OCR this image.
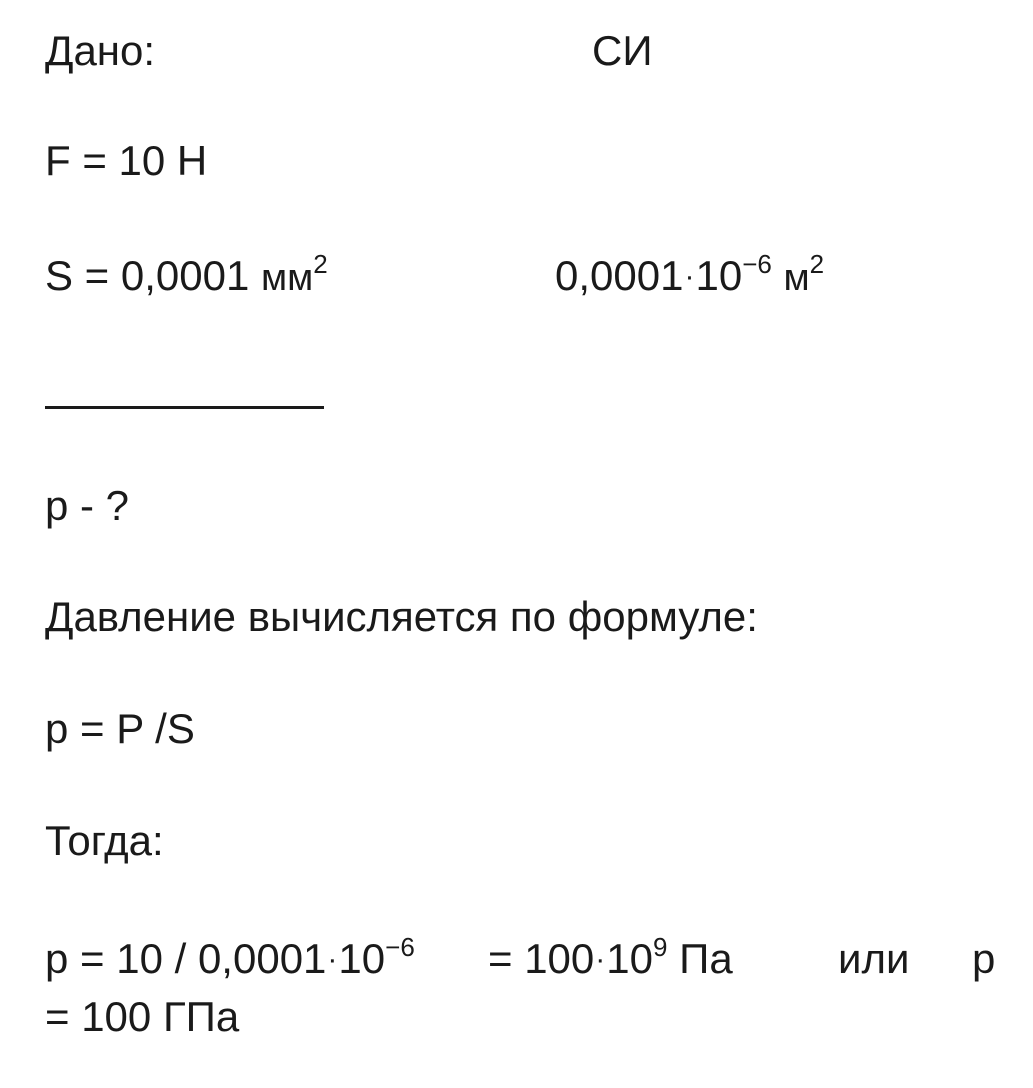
Дано:	СИ
F = 10 Н
S = 0,0001 $мм^2$	$0,0001\cdot 10^{-6}$ $м^2$
p - ?
Давление вычисляется по формуле:
p = P /S
Тогда:
$p = 10 / 0,0001\cdot 10^{-6} = 100\cdot 10^9$ Па	или p
= 100 ГПа
